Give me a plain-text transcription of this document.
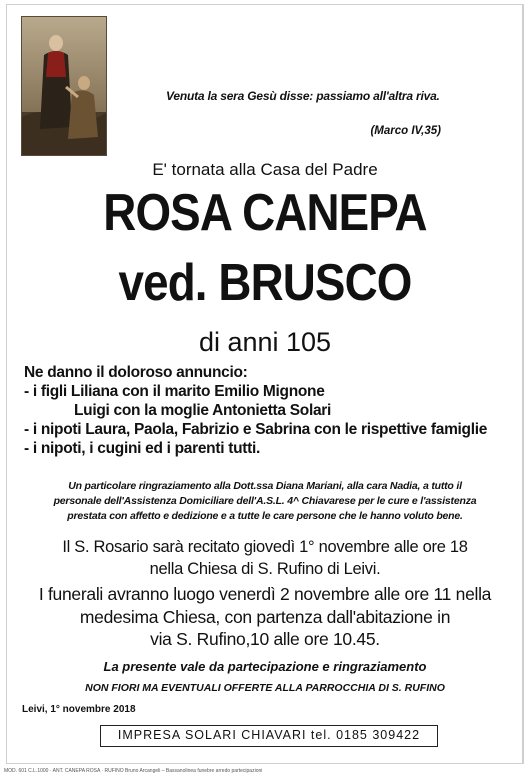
Venuta la sera Gesù disse: passiamo all'altra riva.
(Marco IV,35)
E' tornata alla Casa del Padre
ROSA CANEPA
ved. BRUSCO
di anni 105
Ne danno il doloroso annuncio:
- i figli Liliana con il marito Emilio Mignone
Luigi con la moglie Antonietta Solari
- i nipoti Laura, Paola, Fabrizio e Sabrina con le rispettive famiglie
- i nipoti, i cugini ed i parenti tutti.
Un particolare ringraziamento alla Dott.ssa Diana Mariani, alla cara Nadia, a tutto il
personale dell'Assistenza Domiciliare dell'A.S.L. 4^ Chiavarese per le cure e l'assistenza
prestata con affetto e dedizione e a tutte le care persone che le hanno voluto bene.
Il S. Rosario sarà recitato giovedì 1° novembre alle ore 18
nella Chiesa di S. Rufino di Leivi.
I funerali avranno luogo venerdì 2 novembre alle ore 11 nella
medesima Chiesa, con partenza dall'abitazione in
via S. Rufino,10 alle ore 10.45.
La presente vale da partecipazione e ringraziamento
NON FIORI MA EVENTUALI OFFERTE ALLA PARROCCHIA DI S. RUFINO
Leivi, 1° novembre 2018
IMPRESA SOLARI CHIAVARI tel. 0185 309422
MOD. 601 C.L.1000 · ANT. CANEPA ROSA · RUFINO Bruno Arcangeli – Bassanolinea funebre arredo partecipazioni
